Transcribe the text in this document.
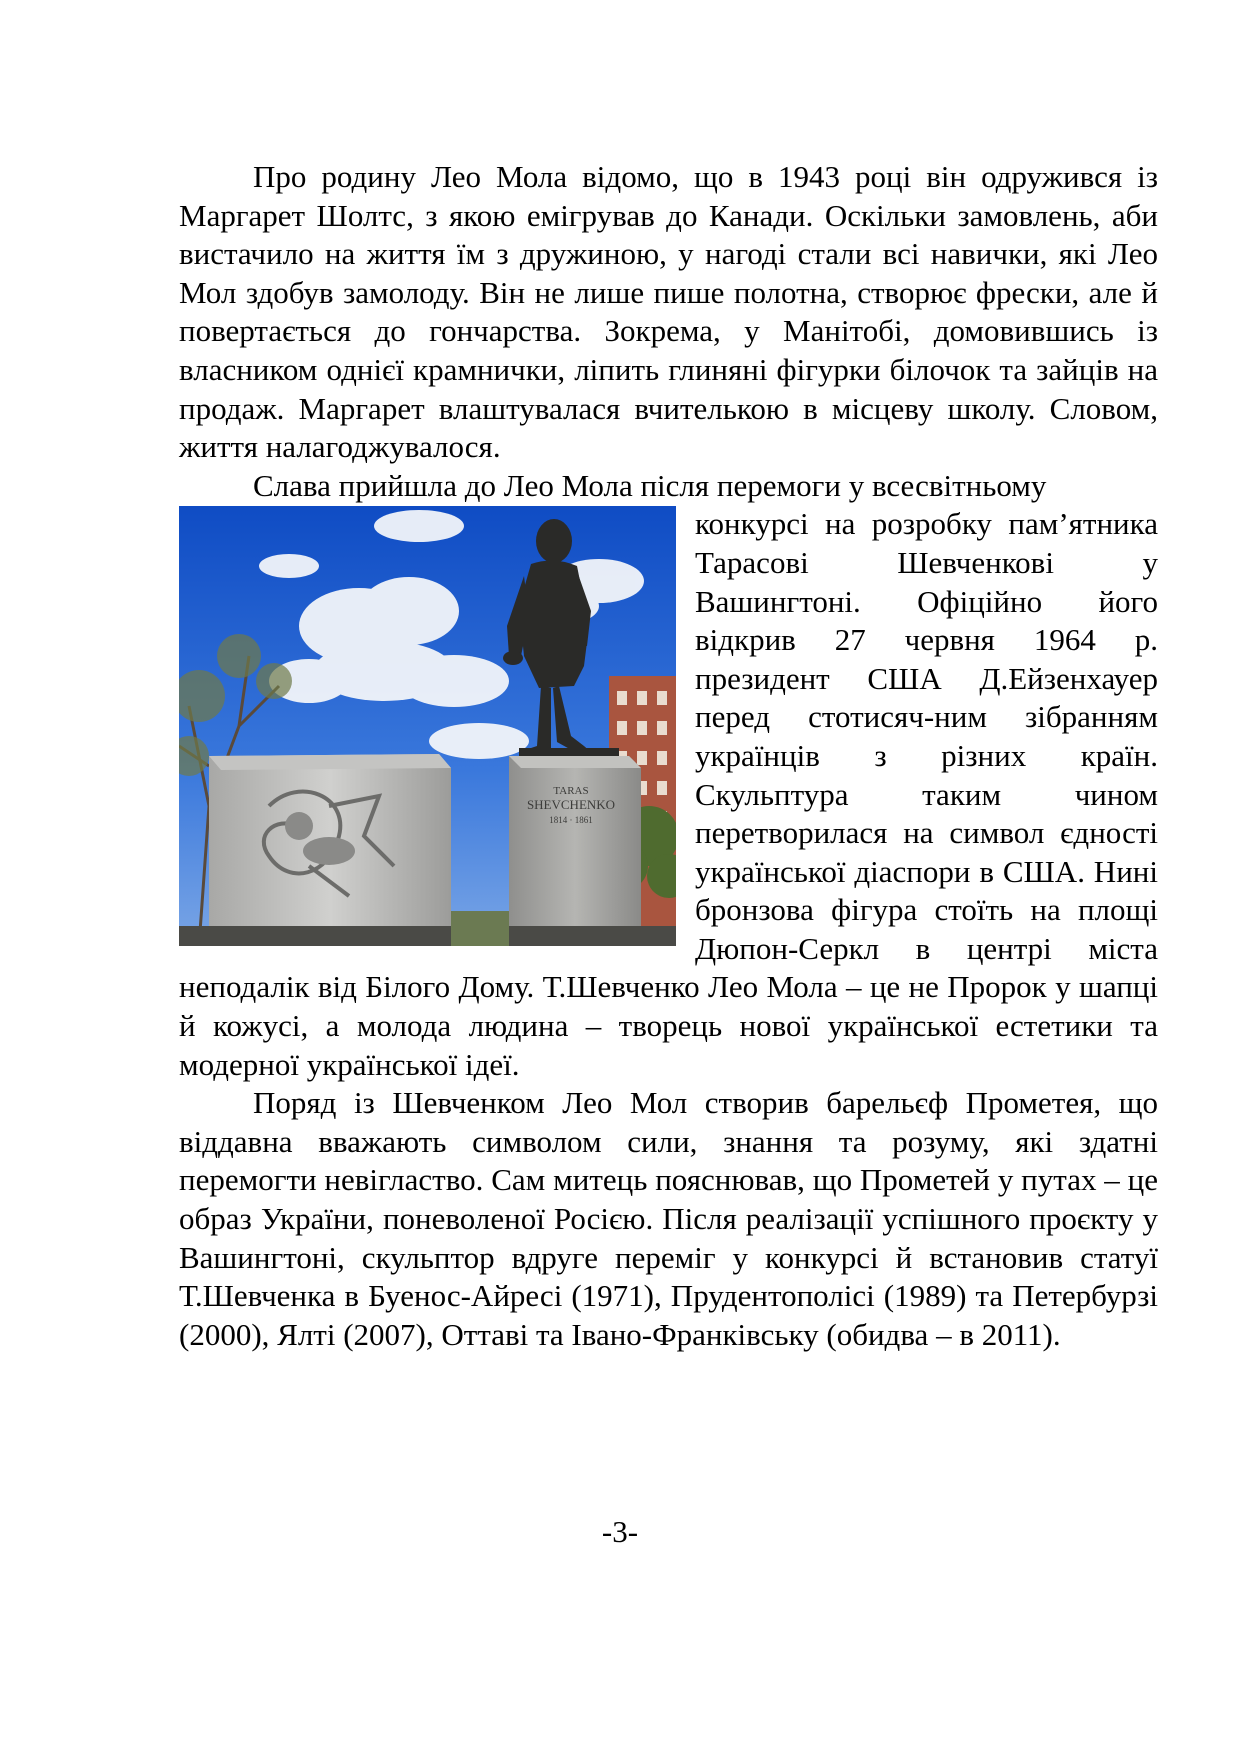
Про родину Лео Мола відомо, що в 1943 році він одружився із Маргарет Шолтс, з якою емігрував до Канади. Оскільки замовлень, аби вистачило на життя їм з дружиною, у нагоді стали всі навички, які Лео Мол здобув замолоду. Він не лише пише полотна, створює фрески, але й повертається до гончарства. Зокрема, у Манітобі, домовившись із власником однієї крамнички, ліпить глиняні фігурки білочок та зайців на продаж. Маргарет влаштувалася вчителькою в місцеву школу. Словом, життя налагоджувалося.

Слава прийшла до Лео Мола після перемоги у всесвітньому

TARAS
SHEVCHENKO
1814 · 1861

конкурсі на розробку пам’ятника Тарасові Шевченкові у Вашингтоні. Офіційно його відкрив 27 червня 1964 р. президент США Д.Ейзенхауер перед стотисяч-ним зібранням українців з різних країн. Скульптура таким чином перетворилася на символ єдності української діаспори в США. Нині бронзова фігура стоїть на площі Дюпон-Серкл в центрі міста неподалік від Білого Дому. Т.Шевченко Лео Мола – це не Пророк у шапці й кожусі, а молода людина – творець нової української естетики та модерної української ідеї.

Поряд із Шевченком Лео Мол створив барельєф Прометея, що віддавна вважають символом сили, знання та розуму, які здатні перемогти невігластво. Сам митець пояснював, що Прометей у путах – це образ України, поневоленої Росією. Після реалізації успішного проєкту у Вашингтоні, скульптор вдруге переміг у конкурсі й встановив статуї Т.Шевченка в Буенос-Айресі (1971), Прудентополісі (1989) та Петербурзі (2000), Ялті (2007), Оттаві та Івано-Франківську (обидва – в 2011).

-3-
